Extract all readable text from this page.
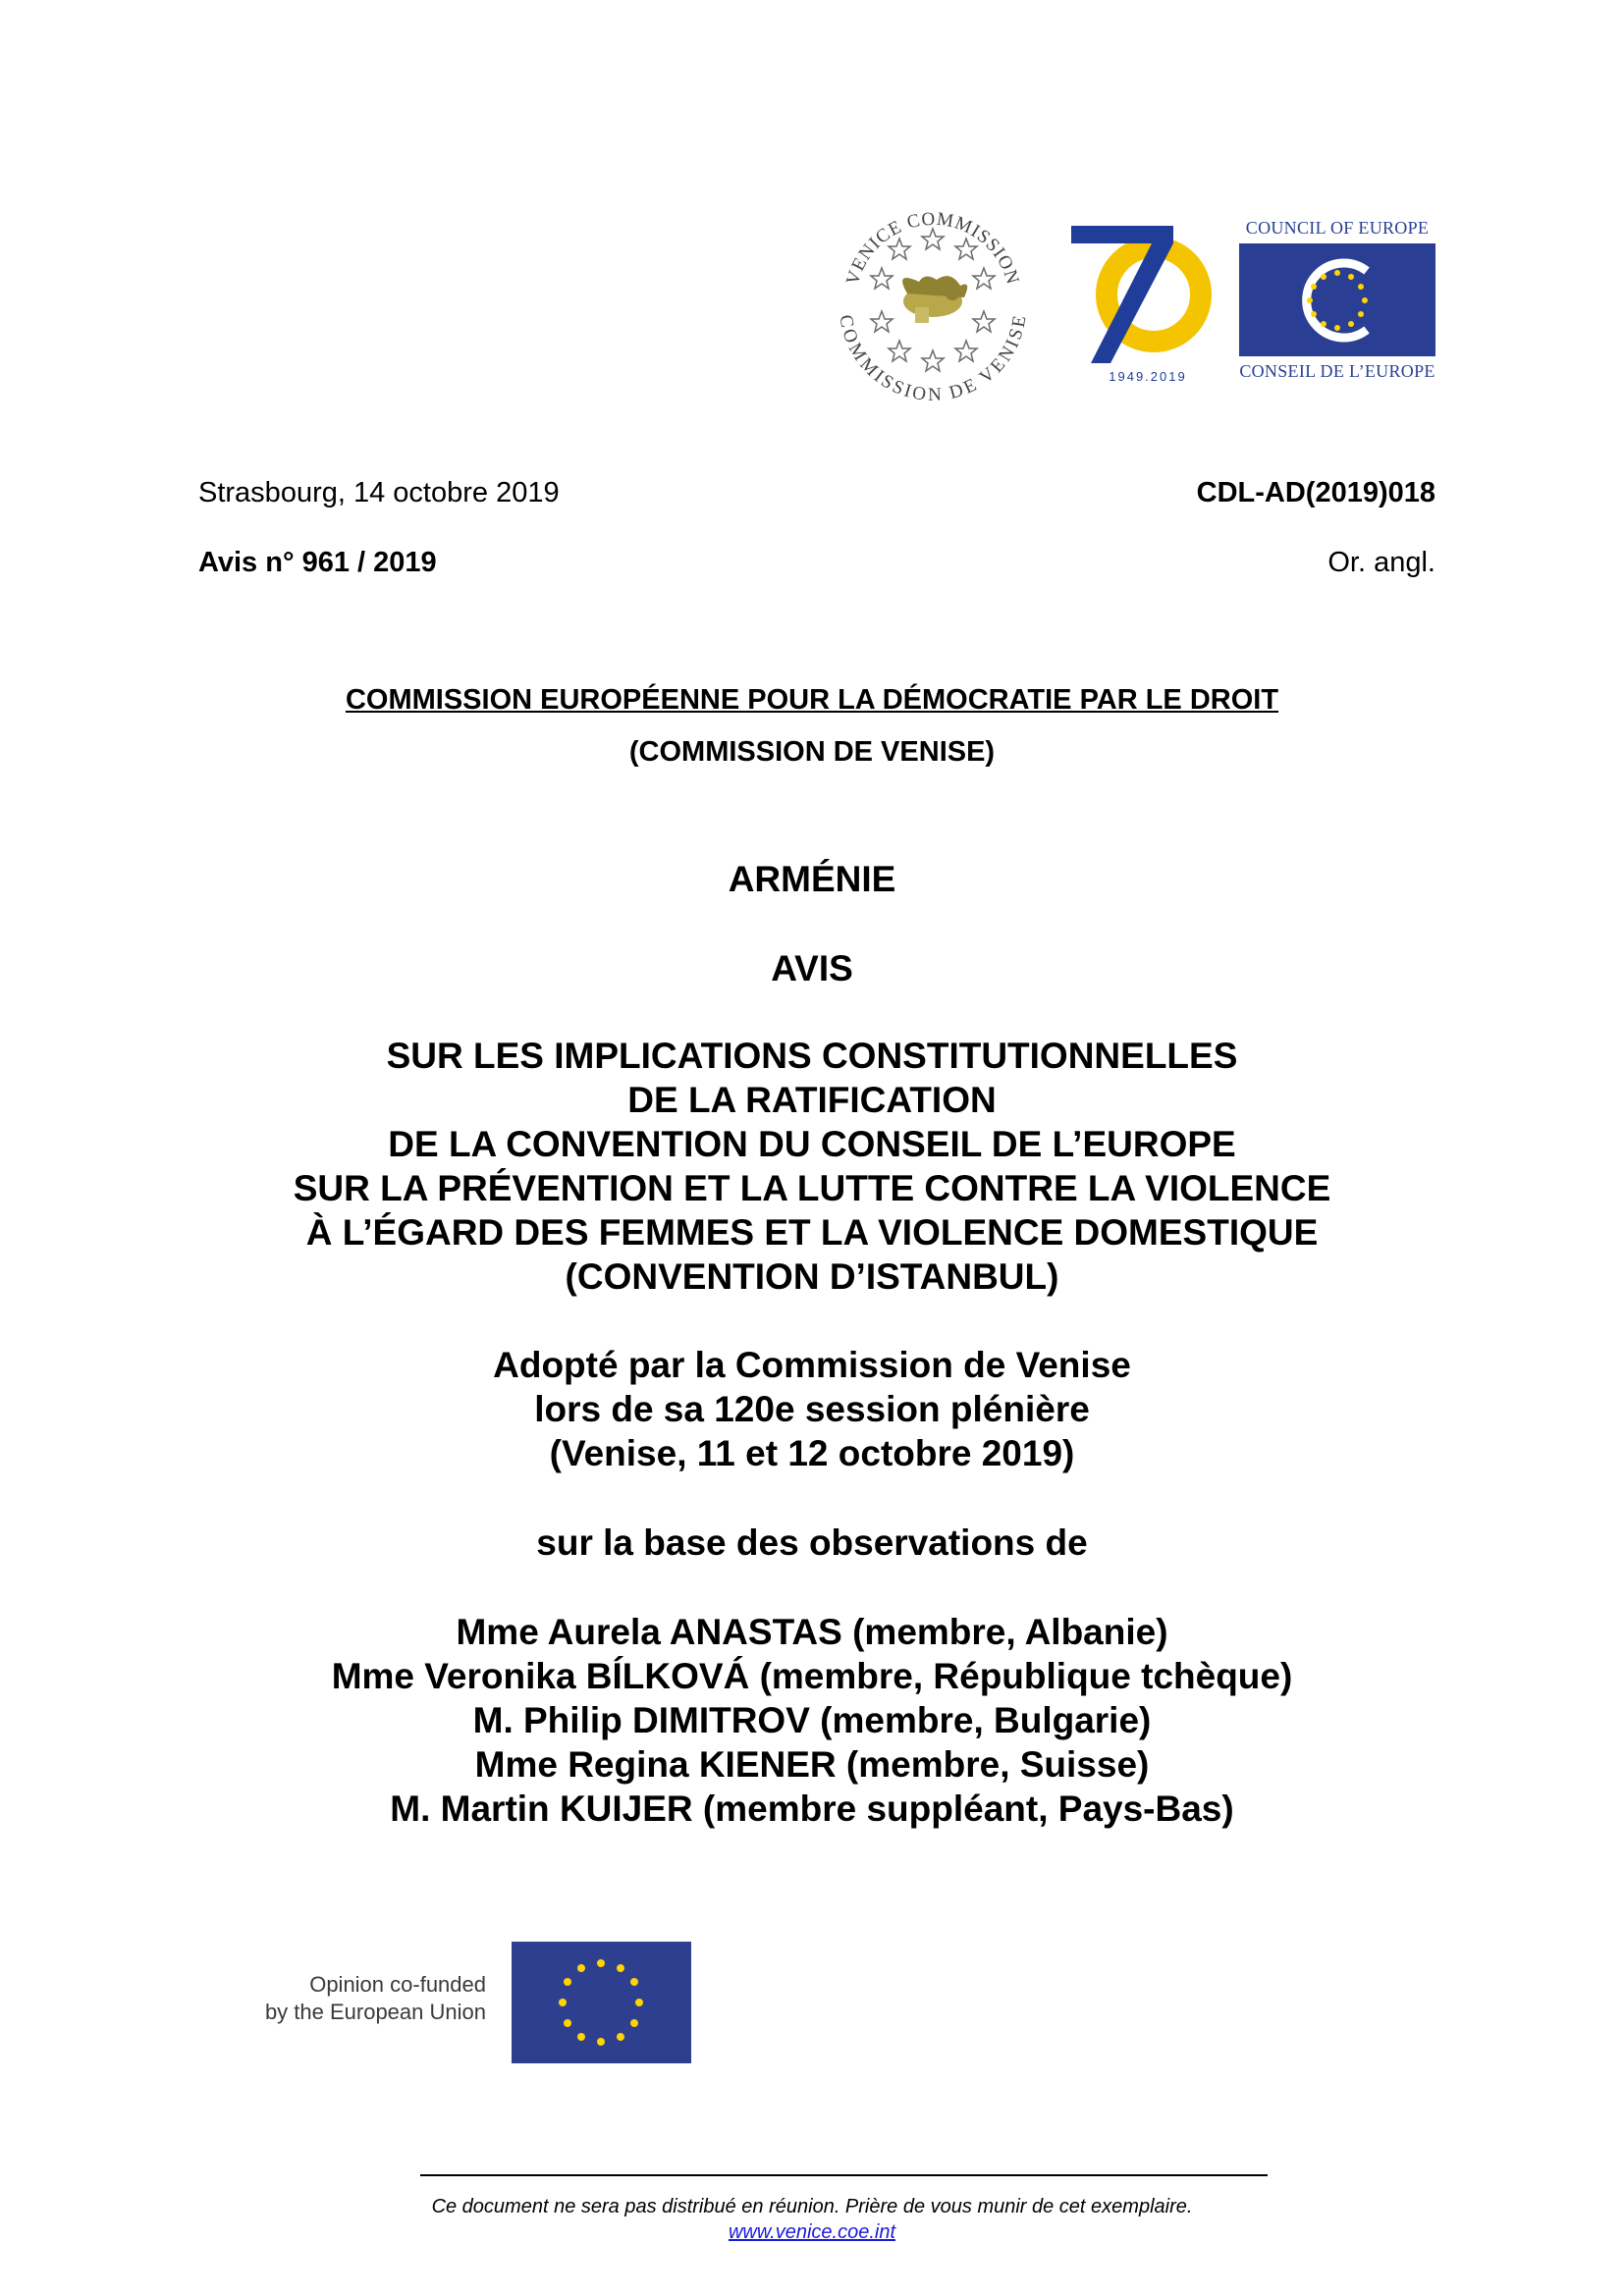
VENICE COMMISSION
COMMISSION DE VENISE
1949.2019
COUNCIL OF EUROPE
CONSEIL DE L’EUROPE
Strasbourg, 14 octobre 2019	CDL-AD(2019)018
Avis n° 961 / 2019	Or. angl.
COMMISSION EUROPÉENNE POUR LA DÉMOCRATIE PAR LE DROIT
(COMMISSION DE VENISE)
ARMÉNIE
AVIS
SUR LES IMPLICATIONS CONSTITUTIONNELLES
DE LA RATIFICATION
DE LA CONVENTION DU CONSEIL DE L’EUROPE
SUR LA PRÉVENTION ET LA LUTTE CONTRE LA VIOLENCE
À L’ÉGARD DES FEMMES ET LA VIOLENCE DOMESTIQUE
(CONVENTION D’ISTANBUL)
Adopté par la Commission de Venise
lors de sa 120e session plénière
(Venise, 11 et 12 octobre 2019)
sur la base des observations de
Mme Aurela ANASTAS (membre, Albanie)
Mme Veronika BÍLKOVÁ (membre, République tchèque)
M. Philip DIMITROV (membre, Bulgarie)
Mme Regina KIENER (membre, Suisse)
M. Martin KUIJER (membre suppléant, Pays-Bas)
Opinion co-funded
by the European Union
Ce document ne sera pas distribué en réunion. Prière de vous munir de cet exemplaire.
www.venice.coe.int
